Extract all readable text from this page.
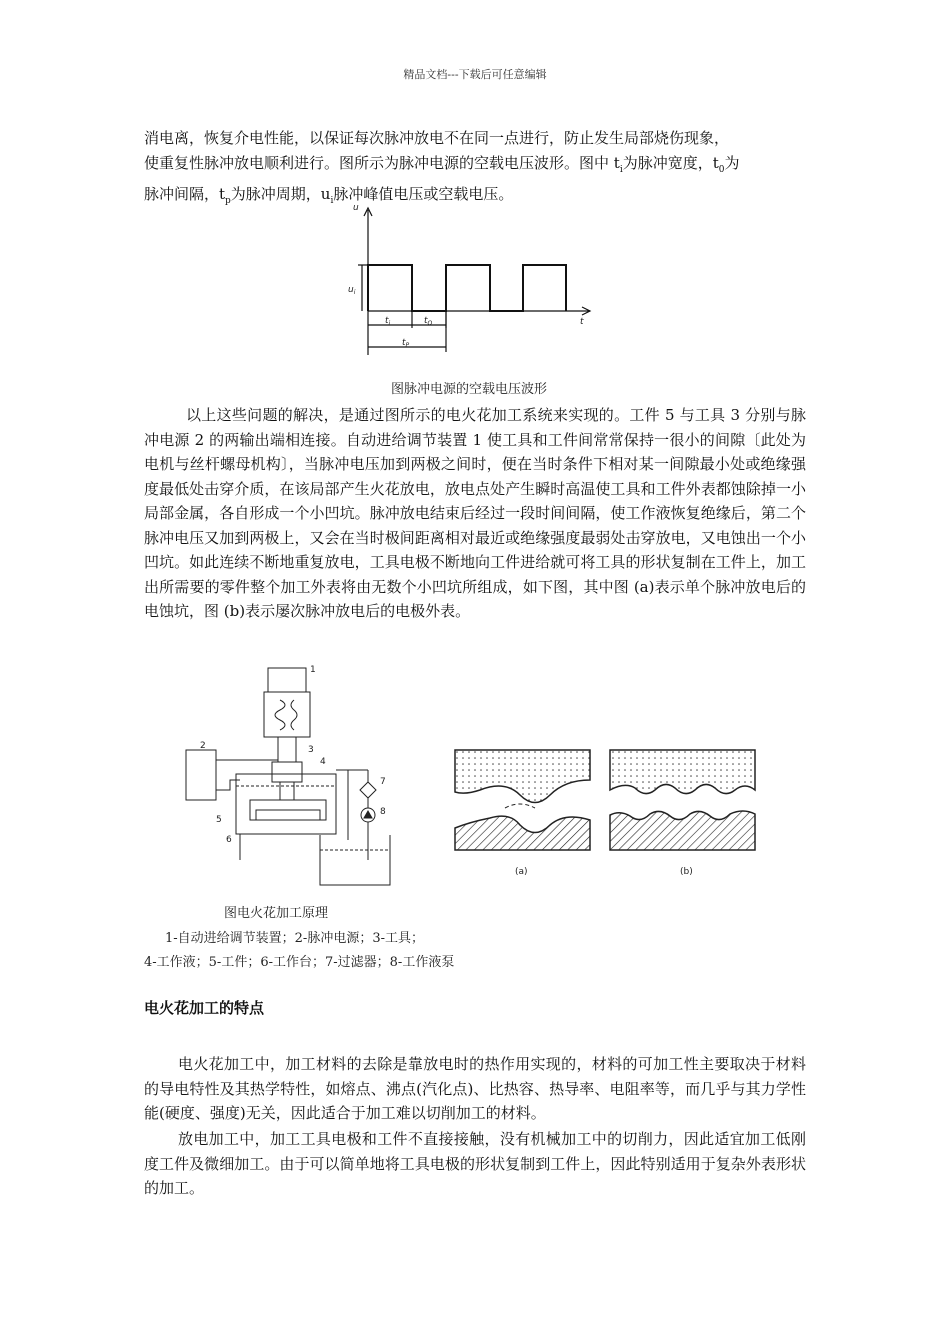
精品文档---下载后可任意编辑
消电离，恢复介电性能，以保证每次脉冲放电不在同一点进行，防止发生局部烧伤现象，
使重复性脉冲放电顺利进行。图所示为脉冲电源的空载电压波形。图中 $t_i$为脉冲宽度，$t_0$为
脉冲间隔，$t_p$为脉冲周期，$u_i$脉冲峰值电压或空载电压。
u
$u_i$
t
$t_i$	$t_O$
$t_P$
图脉冲电源的空载电压波形

以上这些问题的解决，是通过图所示的电火花加工系统来实现的。工件 5 与工具 3 分别与脉冲电源 2 的两输出端相连接。自动进给调节装置 1 使工具和工件间常常保持一很小的间隙〔此处为电机与丝杆螺母机构〕，当脉冲电压加到两极之间时，便在当时条件下相对某一间隙最小处或绝缘强度最低处击穿介质，在该局部产生火花放电，放电点处产生瞬时高温使工具和工件外表都蚀除掉一小局部金属，各自形成一个小凹坑。脉冲放电结束后经过一段时间间隔，使工作液恢复绝缘后，第二个脉冲电压又加到两极上，又会在当时极间距离相对最近或绝缘强度最弱处击穿放电，又电蚀出一个小凹坑。如此连续不断地重复放电，工具电极不断地向工件进给就可将工具的形状复制在工件上，加工出所需要的零件整个加工外表将由无数个小凹坑所组成，如下图，其中图 (a)表示单个脉冲放电后的电蚀坑，图 (b)表示屡次脉冲放电后的电极外表。

1
2	3
4
5
6
7
8
(a)	(b)
图电火花加工原理
1-自动进给调节装置；2-脉冲电源；3-工具；
4-工作液；5-工件；6-工作台；7-过滤器；8-工作液泵

电火花加工的特点

电火花加工中，加工材料的去除是靠放电时的热作用实现的，材料的可加工性主要取决于材料的导电特性及其热学特性，如熔点、沸点(汽化点)、比热容、热导率、电阻率等，而几乎与其力学性能(硬度、强度)无关，因此适合于加工难以切削加工的材料。

放电加工中，加工工具电极和工件不直接接触，没有机械加工中的切削力，因此适宜加工低刚度工件及微细加工。由于可以简单地将工具电极的形状复制到工件上，因此特别适用于复杂外表形状的加工。
